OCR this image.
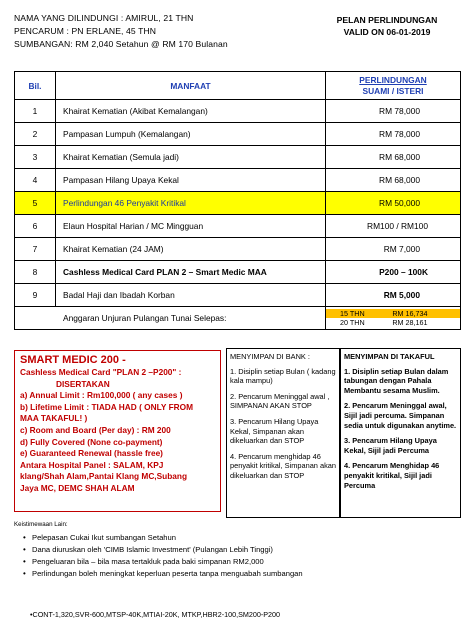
NAMA YANG DILINDUNGI : AMIRUL, 21 THN
PENCARUM : PN ERLANE, 45 THN
SUMBANGAN: RM 2,040 Setahun @ RM 170 Bulanan
PELAN PERLINDUNGAN
VALID ON 06-01-2019
Bil.	MANFAAT	
PERLINDUNGAN
SUAMI / ISTERI

1	Khairat Kematian (Akibat Kemalangan)	RM 78,000
2	Pampasan Lumpuh (Kemalangan)	RM 78,000
3	Khairat Kematian (Semula jadi)	RM 68,000
4	Pampasan Hilang Upaya Kekal	RM 68,000
5	Perlindungan 46 Penyakit Kritikal	RM 50,000
6	Elaun Hospital Harian / MC Mingguan	RM100 / RM100
7	Khairat Kematian (24 JAM)	RM 7,000
8	Cashless Medical Card PLAN 2 – Smart Medic MAA	P200 – 100K
9	Badal Haji dan Ibadah Korban	RM 5,000
Anggaran Unjuran Pulangan Tunai Selepas:		15 THN	RM 16,734
20 THN	RM 28,161
SMART MEDIC 200 -
Cashless Medical Card "PLAN 2 –P200" :
DISERTAKAN
a) Annual Limit : Rm100,000 ( any cases )
b) Lifetime Limit : TIADA HAD ( ONLY FROM
MAA TAKAFUL! )
c) Room and Board (Per day) : RM 200
d) Fully Covered (None co-payment)
e) Guaranteed Renewal (hassle free)
Antara Hospital Panel : SALAM, KPJ
klang/Shah Alam,Pantai Klang MC,Subang
Jaya MC, DEMC SHAH ALAM
MENYIMPAN DI BANK :
1. Disiplin setiap Bulan ( kadang kala mampu)
2. Pencarum Meninggal awal , SIMPANAN AKAN STOP
3. Pencarum Hilang Upaya Kekal, Simpanan akan dikeluarkan dan STOP
4. Pencarum menghidap 46 penyakit kritikal, Simpanan akan dikeluarkan dan STOP
MENYIMPAN DI TAKAFUL
1. Disiplin setiap Bulan dalam tabungan dengan Pahala Membantu sesama Muslim.
2. Pencarum Meninggal awal, Sijil jadi percuma. Simpanan sedia untuk digunakan anytime.
3. Pencarum Hilang Upaya Kekal, Sijil jadi Percuma
4. Pencarum Menghidap 46 penyakit kritikal, Sijil jadi Percuma
Keistimewaan Lain:
• Pelepasan Cukai Ikut sumbangan Setahun
• Dana diuruskan oleh 'CIMB Islamic Investment' (Pulangan Lebih Tinggi)
• Pengeluaran bila – bila masa tertakluk pada baki simpanan RM2,000
• Perlindungan boleh meningkat keperluan peserta tanpa menguabah sumbangan
•CONT-1,320,SVR-600,MTSP-40K,MTIAI-20K, MTKP,HBR2-100,SM200-P200
